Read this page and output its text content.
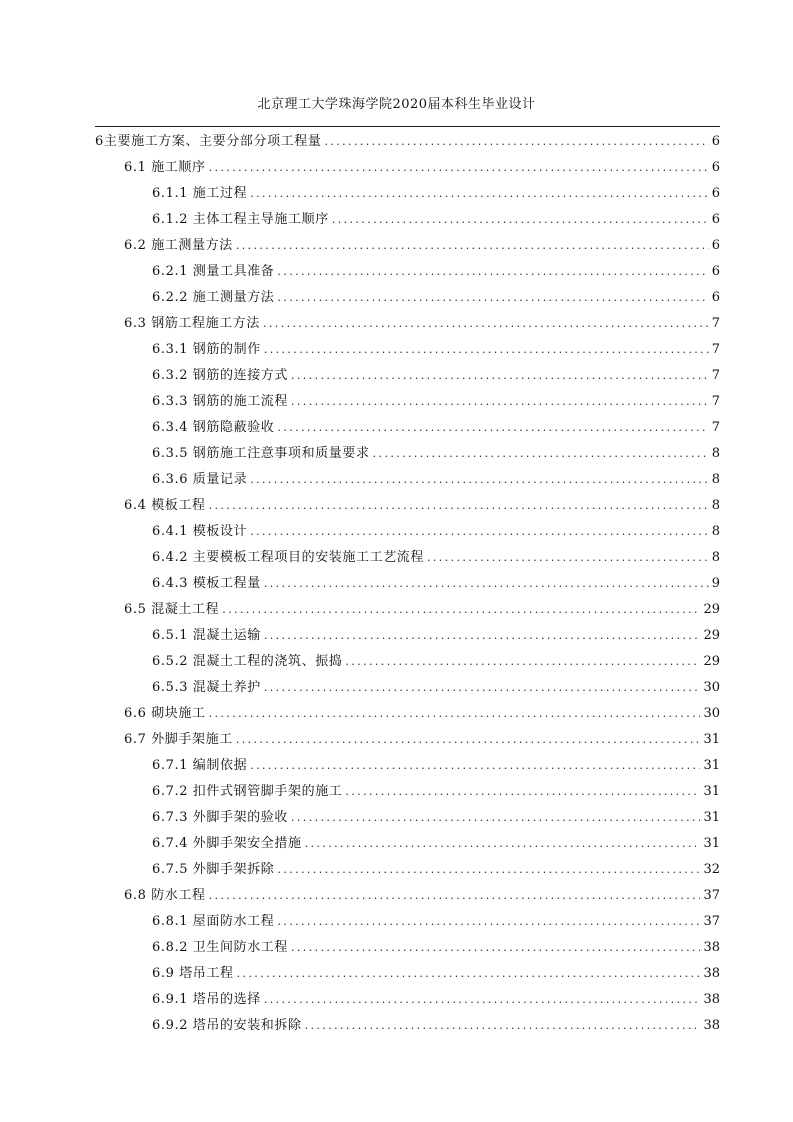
北京理工大学珠海学院2020届本科生毕业设计
6主要施工方案、主要分部分项工程量 .....	6
6.1 施工顺序 .....	6
6.1.1 施工过程 .....	6
6.1.2 主体工程主导施工顺序 .....	6
6.2 施工测量方法 .....	6
6.2.1 测量工具准备 .....	6
6.2.2 施工测量方法 .....	6
6.3 钢筋工程施工方法 .....	7
6.3.1 钢筋的制作 .....	7
6.3.2 钢筋的连接方式 .....	7
6.3.3 钢筋的施工流程 .....	7
6.3.4 钢筋隐蔽验收 .....	7
6.3.5 钢筋施工注意事项和质量要求 .....	8
6.3.6 质量记录 .....	8
6.4 模板工程 .....	8
6.4.1 模板设计 .....	8
6.4.2 主要模板工程项目的安装施工工艺流程 .....	8
6.4.3 模板工程量 .....	9
6.5 混凝土工程 .....	29
6.5.1 混凝土运输 .....	29
6.5.2 混凝土工程的浇筑、振捣 .....	29
6.5.3 混凝土养护 .....	30
6.6 砌块施工 .....	30
6.7 外脚手架施工 .....	31
6.7.1 编制依据 .....	31
6.7.2 扣件式钢管脚手架的施工 .....	31
6.7.3 外脚手架的验收 .....	31
6.7.4 外脚手架安全措施 .....	31
6.7.5 外脚手架拆除 .....	32
6.8 防水工程 .....	37
6.8.1 屋面防水工程 .....	37
6.8.2 卫生间防水工程 .....	38
6.9 塔吊工程 .....	38
6.9.1 塔吊的选择 .....	38
6.9.2 塔吊的安装和拆除 .....	38
